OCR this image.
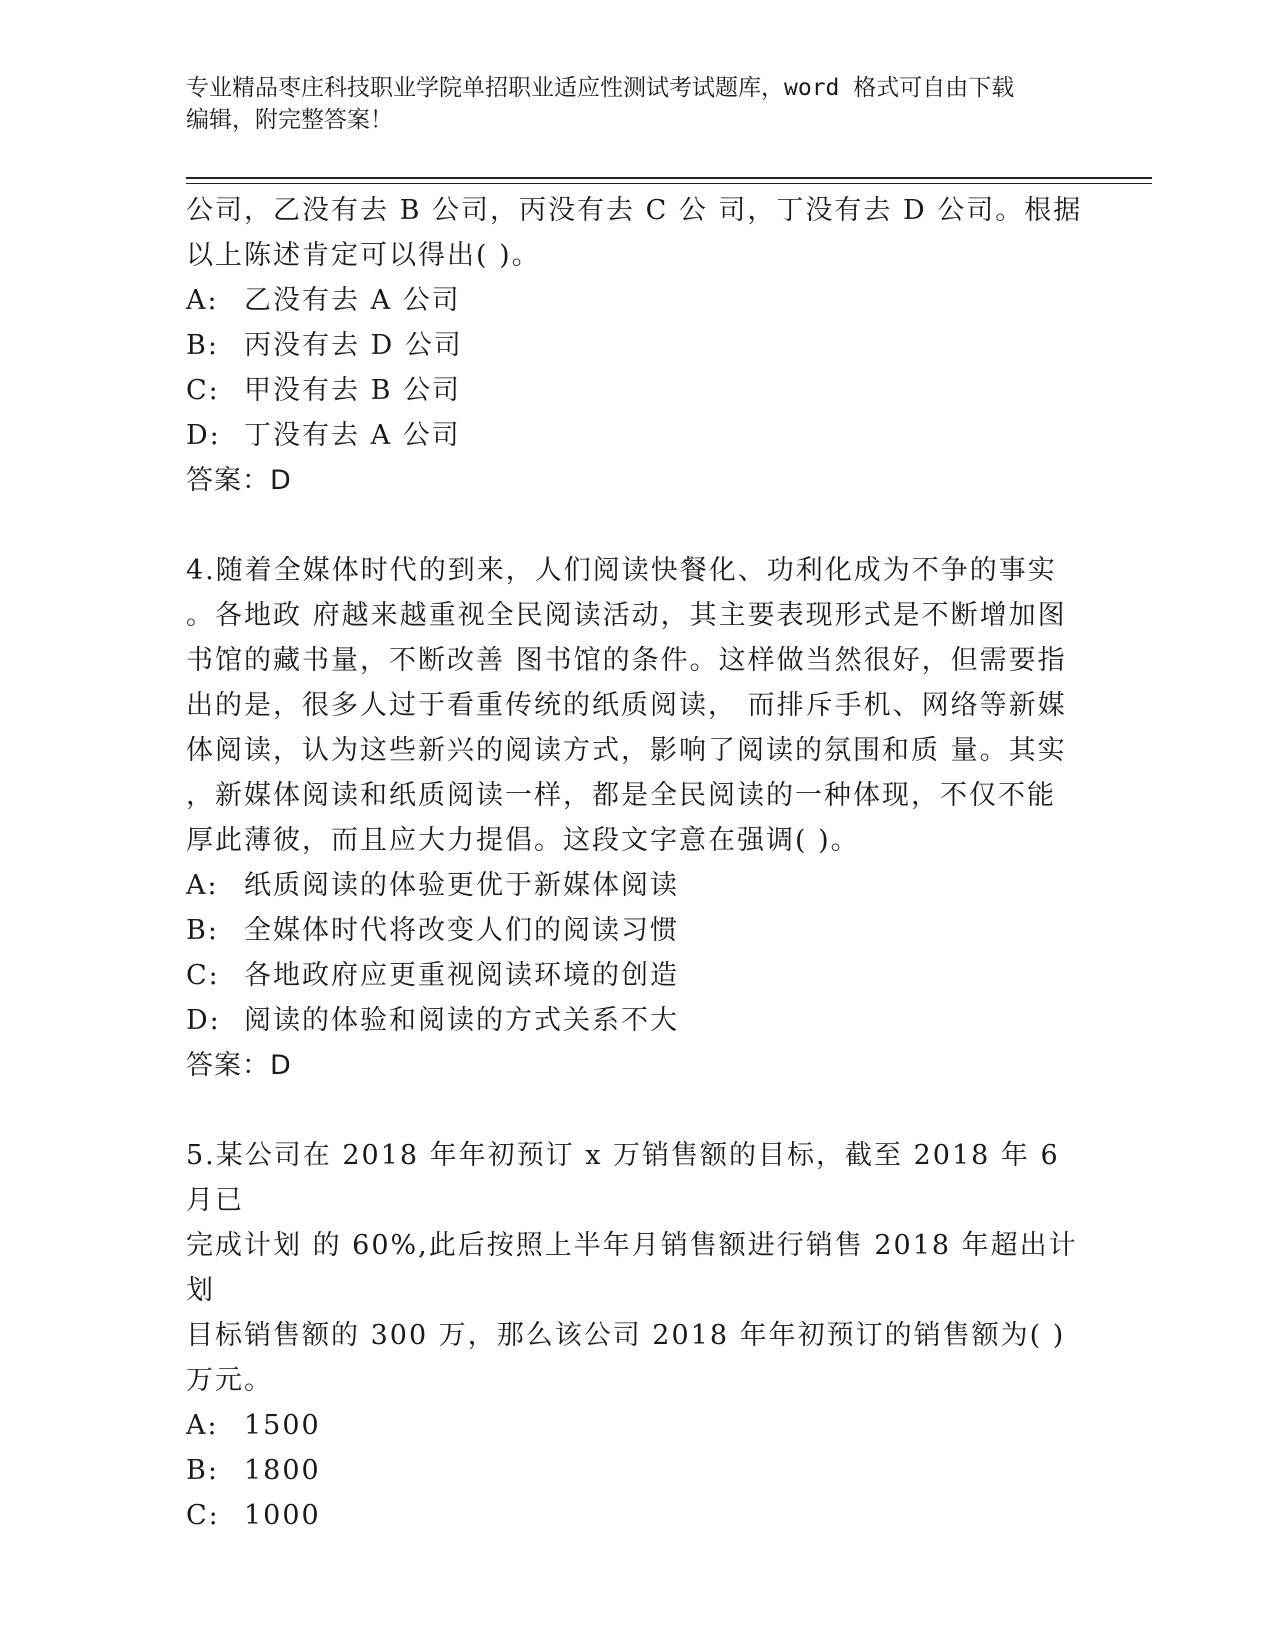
专业精品枣庄科技职业学院单招职业适应性测试考试题库，word 格式可自由下载
编辑，附完整答案！
公司，乙没有去 B 公司，丙没有去 C 公 司，丁没有去 D 公司。根据
以上陈述肯定可以得出( )。
A: 乙没有去 A 公司
B: 丙没有去 D 公司
C: 甲没有去 B 公司
D: 丁没有去 A 公司
答案：D
4.随着全媒体时代的到来，人们阅读快餐化、功利化成为不争的事实
。各地政 府越来越重视全民阅读活动，其主要表现形式是不断增加图
书馆的藏书量，不断改善 图书馆的条件。这样做当然很好，但需要指
出的是，很多人过于看重传统的纸质阅读， 而排斥手机、网络等新媒
体阅读，认为这些新兴的阅读方式，影响了阅读的氛围和质 量。其实
，新媒体阅读和纸质阅读一样，都是全民阅读的一种体现，不仅不能
厚此薄彼，而且应大力提倡。这段文字意在强调( )。
A: 纸质阅读的体验更优于新媒体阅读
B: 全媒体时代将改变人们的阅读习惯
C: 各地政府应更重视阅读环境的创造
D: 阅读的体验和阅读的方式关系不大
答案：D
5.某公司在 2018 年年初预订 x 万销售额的目标，截至 2018 年 6 月已
完成计划 的 60%,此后按照上半年月销售额进行销售 2018 年超出计划
目标销售额的 300 万，那么该公司 2018 年年初预订的销售额为( )
万元。
A: 1500
B: 1800
C: 1000
